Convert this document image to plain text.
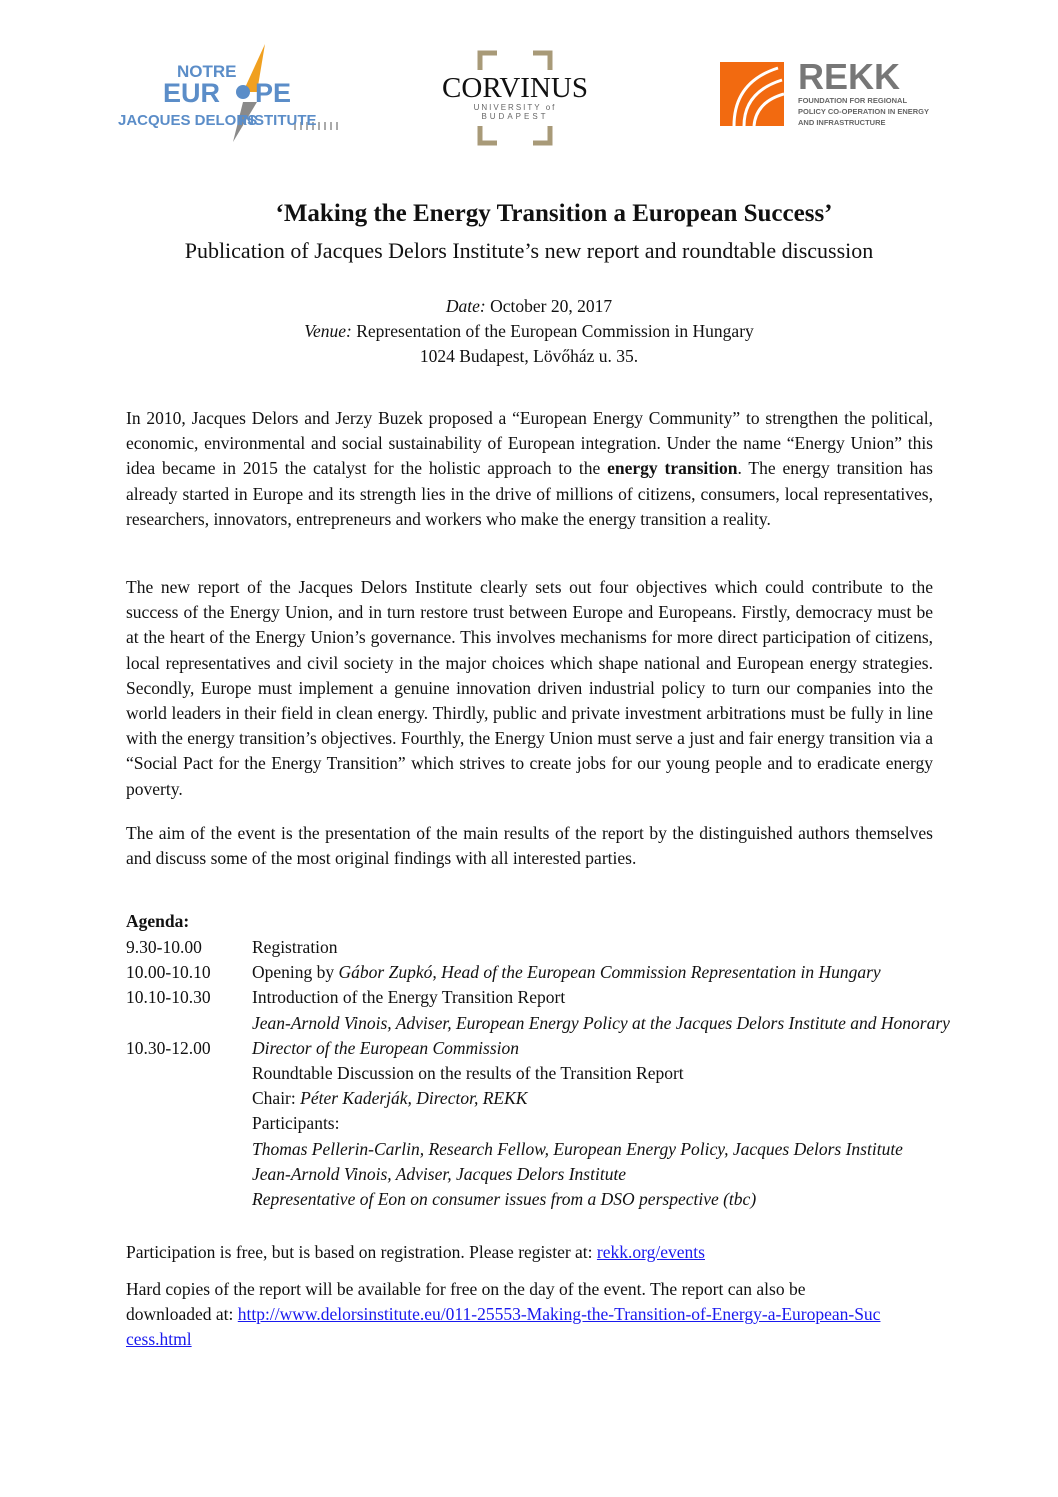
NOTRE
EUR PE
JACQUES DELORS
INSTITUTE
CORVINUS
UNIVERSITY of
BUDAPEST
REKK
FOUNDATION FOR REGIONAL
POLICY CO-OPERATION IN ENERGY
AND INFRASTRUCTURE
‘Making the Energy Transition a European Success’
Publication of Jacques Delors Institute’s new report and roundtable discussion
Date: October 20, 2017
Venue: Representation of the European Commission in Hungary
1024 Budapest, Lövőház u. 35.

In 2010, Jacques Delors and Jerzy Buzek proposed a “European Energy Community” to strengthen the political, economic, environmental and social sustainability of European integration. Under the name “Energy Union” this idea became in 2015 the catalyst for the holistic approach to the energy transition. The energy transition has already started in Europe and its strength lies in the drive of millions of citizens, consumers, local representatives, researchers, innovators, entrepreneurs and workers who make the energy transition a reality.

The new report of the Jacques Delors Institute clearly sets out four objectives which could contribute to the success of the Energy Union, and in turn restore trust between Europe and Europeans. Firstly, democracy must be at the heart of the Energy Union’s governance. This involves mechanisms for more direct participation of citizens, local representatives and civil society in the major choices which shape national and European energy strategies. Secondly, Europe must implement a genuine innovation driven industrial policy to turn our companies into the world leaders in their field in clean energy. Thirdly, public and private investment arbitrations must be fully in line with the energy transition’s objectives. Fourthly, the Energy Union must serve a just and fair energy transition via a “Social Pact for the Energy Transition” which strives to create jobs for our young people and to eradicate energy poverty.

The aim of the event is the presentation of the main results of the report by the distinguished authors themselves and discuss some of the most original findings with all interested parties.

Agenda:
9.30-10.00
10.00-10.10
10.10-10.30
10.30-12.00
Registration
Opening by Gábor Zupkó, Head of the European Commission Representation in Hungary
Introduction of the Energy Transition Report
Jean-Arnold Vinois, Adviser, European Energy Policy at the Jacques Delors Institute and Honorary
Director of the European Commission
Roundtable Discussion on the results of the Transition Report
Chair: Péter Kaderják, Director, REKK
Participants:
Thomas Pellerin-Carlin, Research Fellow, European Energy Policy, Jacques Delors Institute
Jean-Arnold Vinois, Adviser, Jacques Delors Institute
Representative of Eon on consumer issues from a DSO perspective (tbc)

Participation is free, but is based on registration. Please register at: rekk.org/events

Hard copies of the report will be available for free on the day of the event. The report can also be downloaded at: http://www.delorsinstitute.eu/011-25553-Making-the-Transition-of-Energy-a-European-Success.html
